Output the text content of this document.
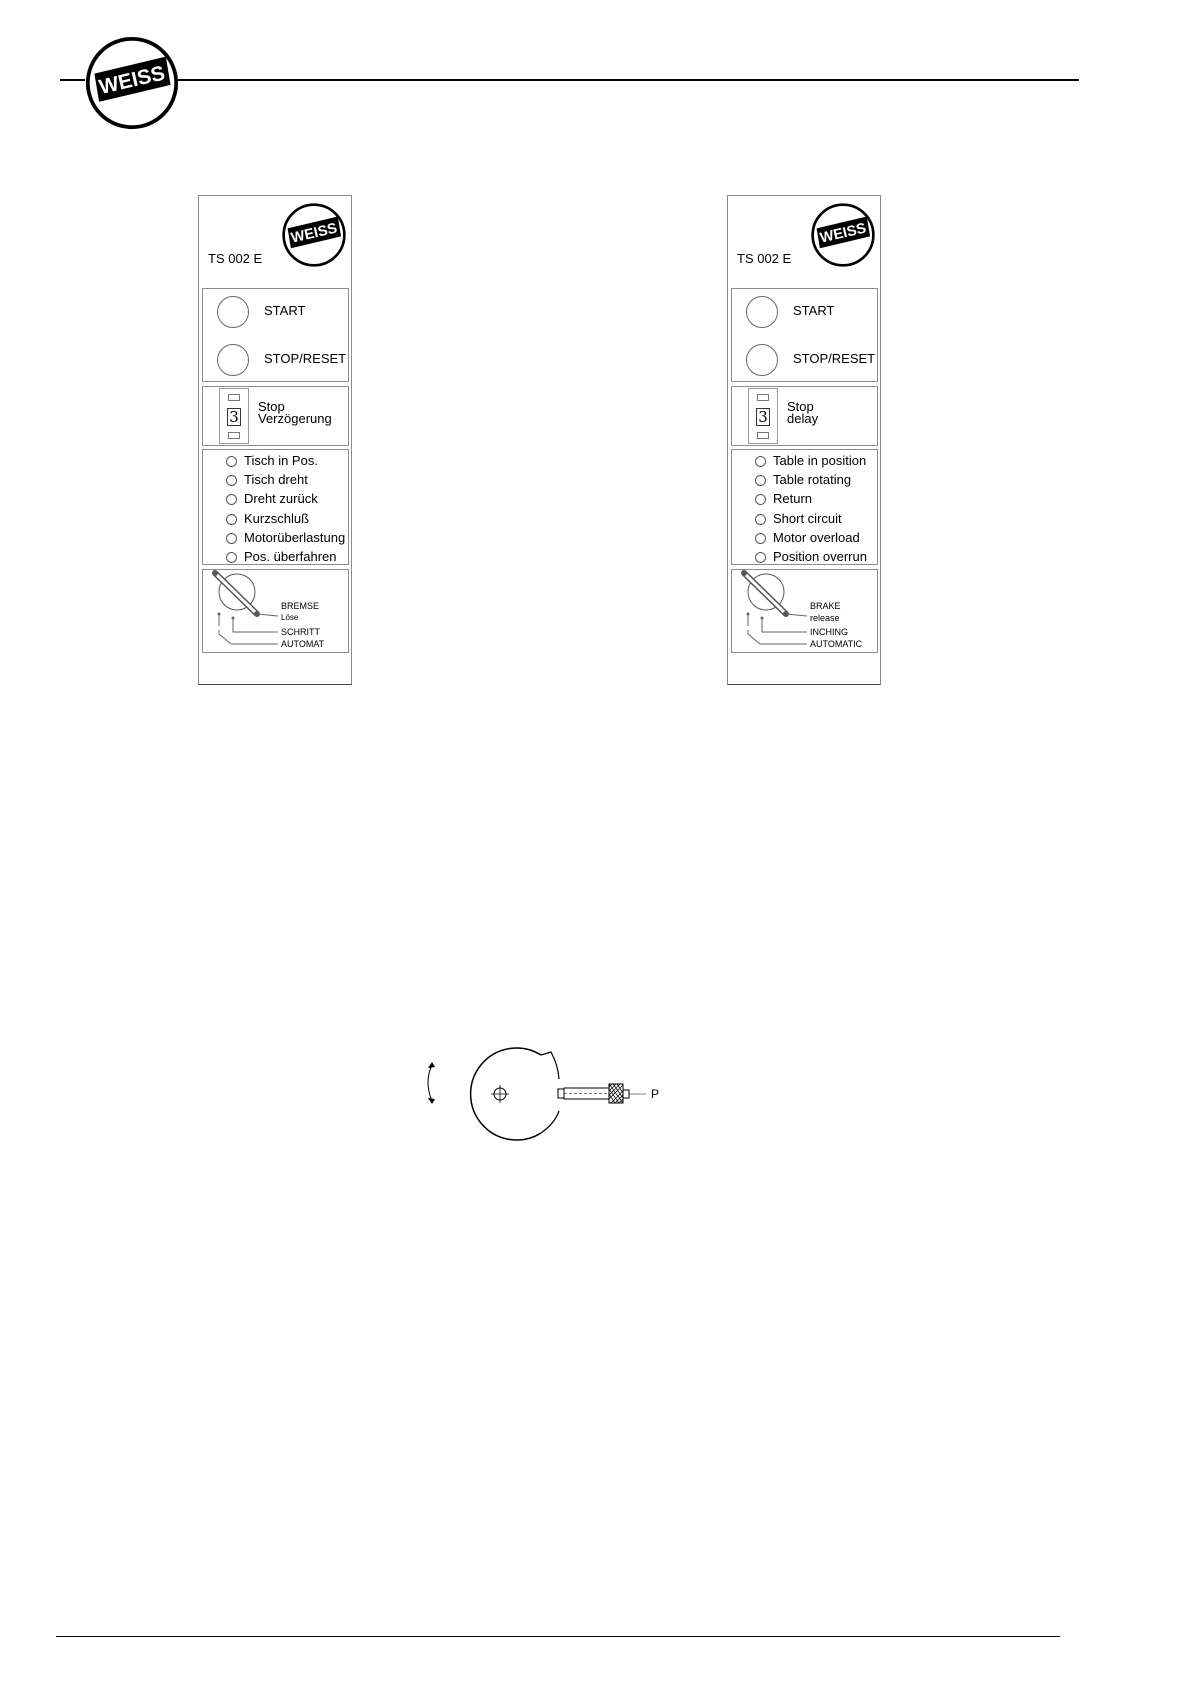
WEISS
WEISS
TS 002 E
START
STOP/RESET
3
Stop
Verzögerung
Tisch in Pos.
Tisch dreht
Dreht zurück
Kurzschluß
Motorüberlastung
Pos. überfahren
BREMSE
Löse
SCHRITT
AUTOMAT
WEISS
TS 002 E
START
STOP/RESET
3
Stop
delay
Table in position
Table rotating
Return
Short circuit
Motor overload
Position overrun
BRAKE
release
INCHING
AUTOMATIC
P
